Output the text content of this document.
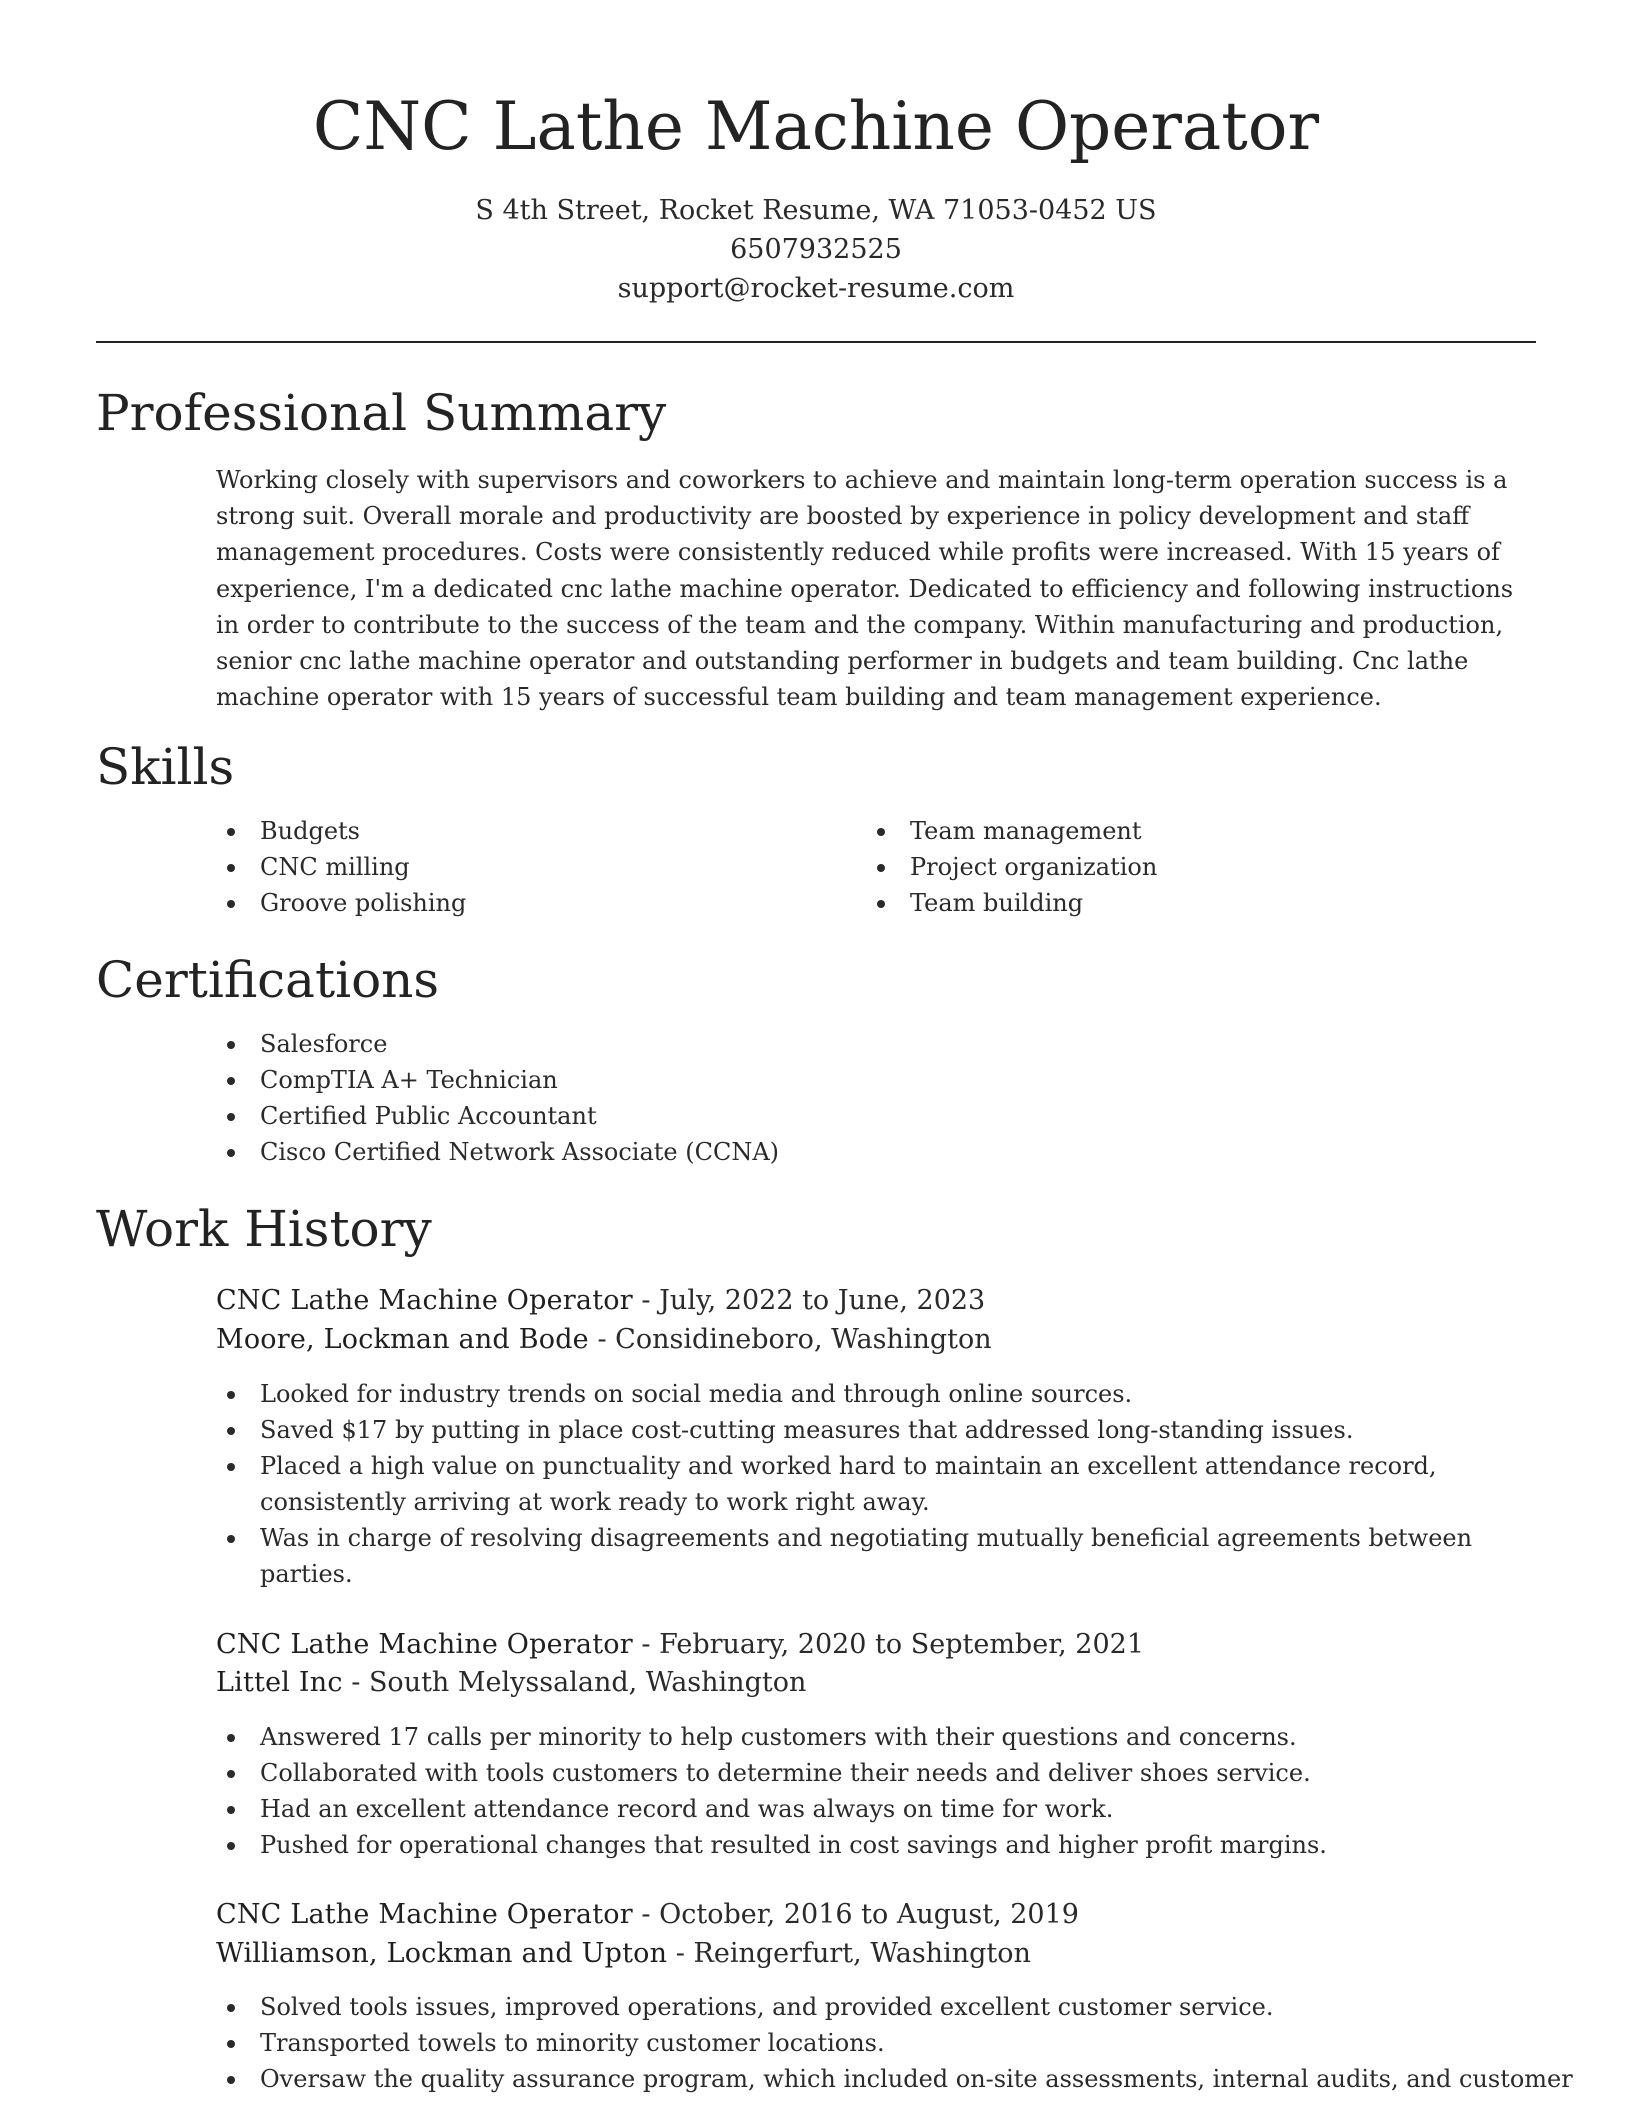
CNC Lathe Machine Operator
S 4th Street, Rocket Resume, WA 71053-0452 US
6507932525
support@rocket-resume.com
Professional Summary

Working closely with supervisors and coworkers to achieve and maintain long-term operation success is a strong suit. Overall morale and productivity are boosted by experience in policy development and staff management procedures. Costs were consistently reduced while profits were increased. With 15 years of experience, I'm a dedicated cnc lathe machine operator. Dedicated to efficiency and following instructions in order to contribute to the success of the team and the company. Within manufacturing and production, senior cnc lathe machine operator and outstanding performer in budgets and team building. Cnc lathe machine operator with 15 years of successful team building and team management experience.

Skills
Budgets
CNC milling
Groove polishing
Team management
Project organization
Team building
Certifications
Salesforce
CompTIA A+ Technician
Certified Public Accountant
Cisco Certified Network Associate (CCNA)
Work History
CNC Lathe Machine Operator - July, 2022 to June, 2023
Moore, Lockman and Bode - Considineboro, Washington
Looked for industry trends on social media and through online sources.
Saved $17 by putting in place cost-cutting measures that addressed long-standing issues.
Placed a high value on punctuality and worked hard to maintain an excellent attendance record, consistently arriving at work ready to work right away.
Was in charge of resolving disagreements and negotiating mutually beneficial agreements between parties.
CNC Lathe Machine Operator - February, 2020 to September, 2021
Littel Inc - South Melyssaland, Washington
Answered 17 calls per minority to help customers with their questions and concerns.
Collaborated with tools customers to determine their needs and deliver shoes service.
Had an excellent attendance record and was always on time for work.
Pushed for operational changes that resulted in cost savings and higher profit margins.
CNC Lathe Machine Operator - October, 2016 to August, 2019
Williamson, Lockman and Upton - Reingerfurt, Washington
Solved tools issues, improved operations, and provided excellent customer service.
Transported towels to minority customer locations.
Oversaw the quality assurance program, which included on-site assessments, internal audits, and customer
